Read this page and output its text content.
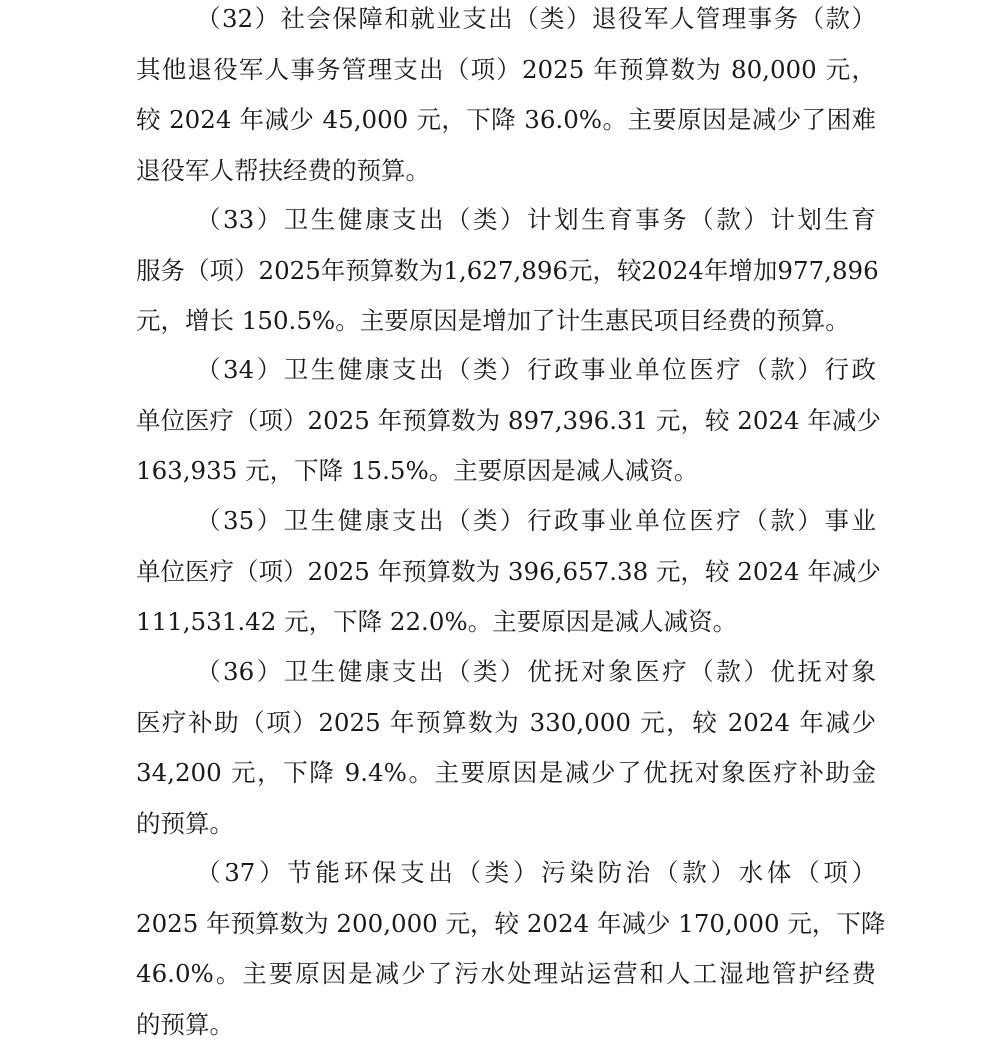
（32）社会保障和就业支出（类）退役军人管理事务（款）
其他退役军人事务管理支出（项）2025 年预算数为 80,000 元，
较 2024 年减少 45,000 元，下降 36.0%。主要原因是减少了困难
退役军人帮扶经费的预算。
（33）卫生健康支出（类）计划生育事务（款）计划生育
服务（项）2025年预算数为1,627,896元，较2024年增加977,896
元，增长 150.5%。主要原因是增加了计生惠民项目经费的预算。
（34）卫生健康支出（类）行政事业单位医疗（款）行政
单位医疗（项）2025 年预算数为 897,396.31 元，较 2024 年减少
163,935 元，下降 15.5%。主要原因是减人减资。
（35）卫生健康支出（类）行政事业单位医疗（款）事业
单位医疗（项）2025 年预算数为 396,657.38 元，较 2024 年减少
111,531.42 元，下降 22.0%。主要原因是减人减资。
（36）卫生健康支出（类）优抚对象医疗（款）优抚对象
医疗补助（项）2025 年预算数为 330,000 元，较 2024 年减少
34,200 元，下降 9.4%。主要原因是减少了优抚对象医疗补助金
的预算。
（37）节能环保支出（类）污染防治（款）水体（项）
2025 年预算数为 200,000 元，较 2024 年减少 170,000 元，下降
46.0%。主要原因是减少了污水处理站运营和人工湿地管护经费
的预算。
